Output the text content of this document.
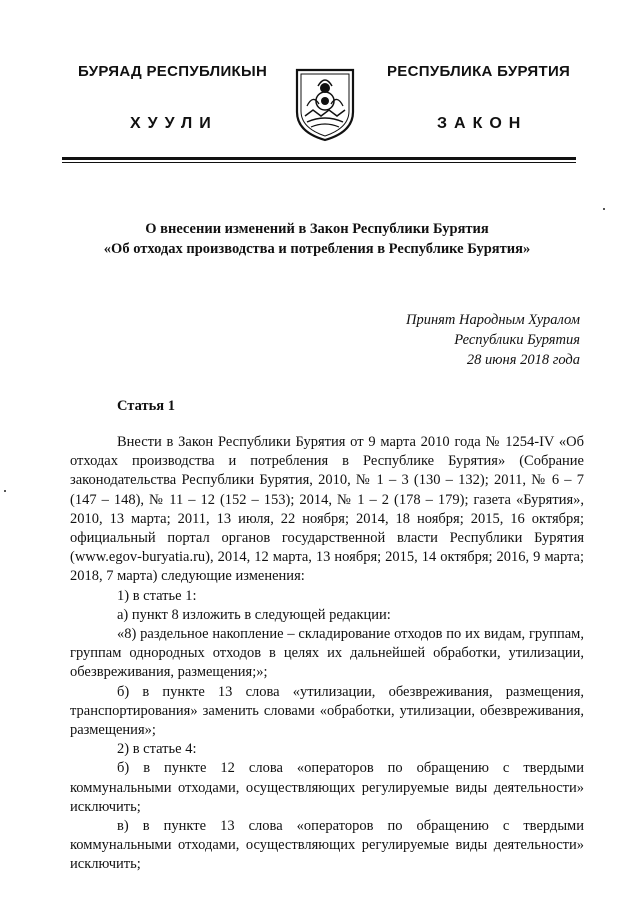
БУРЯАД РЕСПУБЛИКЫН	РЕСПУБЛИКА БУРЯТИЯ
ХУУЛИ	ЗАКОН
О внесении изменений в Закон Республики Бурятия
«Об отходах производства и потребления в Республике Бурятия»
Принят Народным Хуралом
Республики Бурятия
28 июня 2018 года
Статья 1

Внести в Закон Республики Бурятия от 9 марта 2010 года № 1254-IV «Об отходах производства и потребления в Республике Бурятия» (Собрание законодательства Республики Бурятия, 2010, № 1 – 3 (130 – 132); 2011, № 6 – 7 (147 – 148), № 11 – 12 (152 – 153); 2014, № 1 – 2 (178 – 179); газета «Бурятия», 2010, 13 марта; 2011, 13 июля, 22 ноября; 2014, 18 ноября; 2015, 16 октября; официальный портал органов государственной власти Республики Бурятия (www.egov-buryatia.ru), 2014, 12 марта, 13 ноября; 2015, 14 октября; 2016, 9 марта; 2018, 7 марта) следующие изменения:

1) в статье 1:

а) пункт 8 изложить в следующей редакции:

«8) раздельное накопление – складирование отходов по их видам, группам, группам однородных отходов в целях их дальнейшей обработки, утилизации, обезвреживания, размещения;»;

б) в пункте 13 слова «утилизации, обезвреживания, размещения, транспортирования» заменить словами «обработки, утилизации, обезвреживания, размещения»;

2) в статье 4:

б) в пункте 12 слова «операторов по обращению с твердыми коммунальными отходами, осуществляющих регулируемые виды деятельности» исключить;

в) в пункте 13 слова «операторов по обращению с твердыми коммунальными отходами, осуществляющих регулируемые виды деятельности» исключить;
